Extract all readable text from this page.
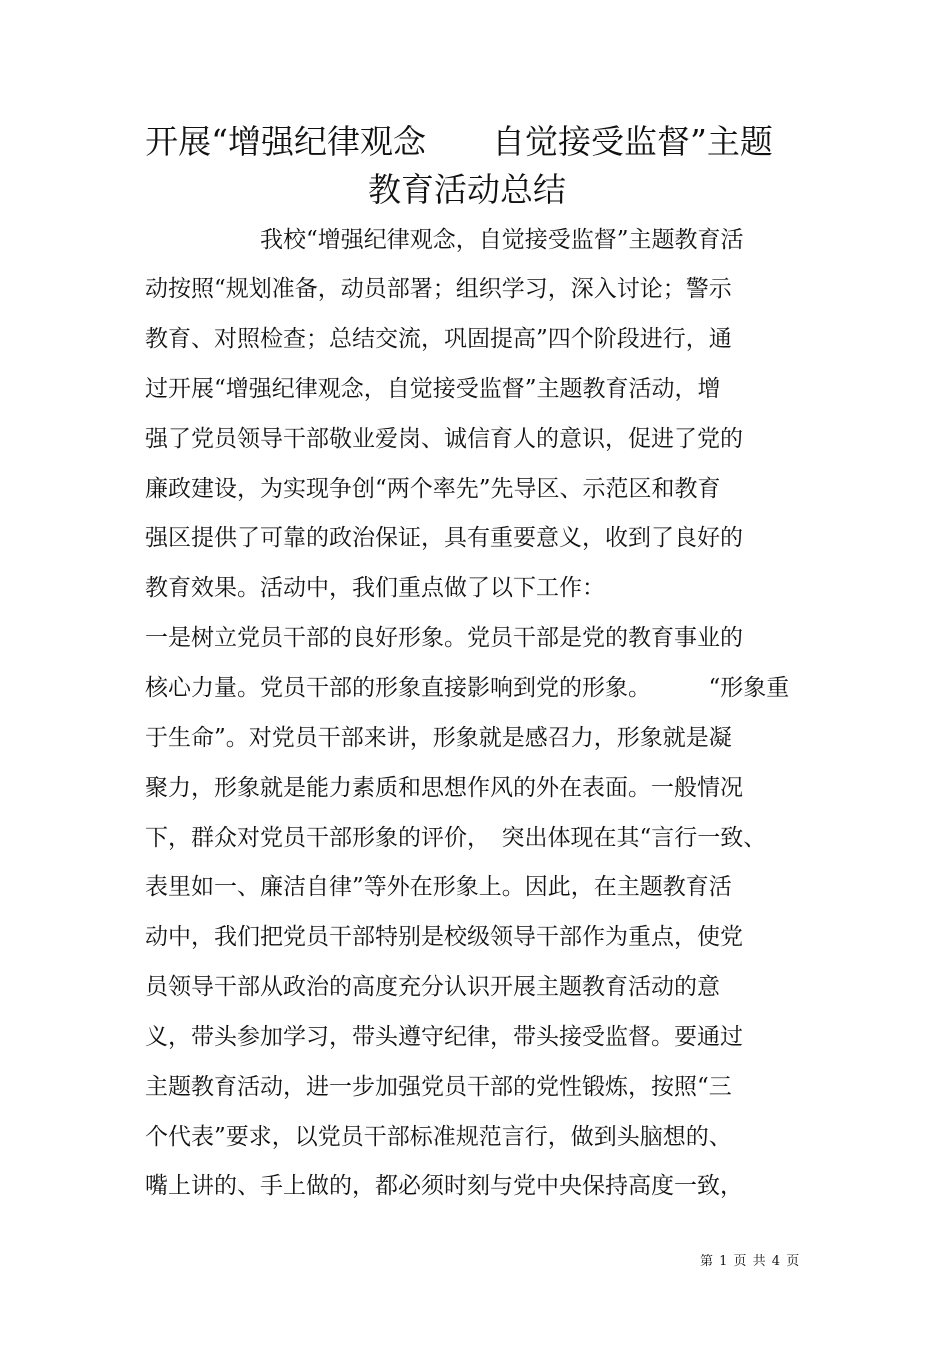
开展“增强纪律观念　　自觉接受监督”主题
教育活动总结

　　　　　我校“增强纪律观念，自觉接受监督”主题教育活

动按照“规划准备，动员部署；组织学习，深入讨论；警示

教育、对照检查；总结交流，巩固提高”四个阶段进行，通

过开展“增强纪律观念，自觉接受监督”主题教育活动，增

强了党员领导干部敬业爱岗、诚信育人的意识，促进了党的

廉政建设，为实现争创“两个率先”先导区、示范区和教育

强区提供了可靠的政治保证，具有重要意义，收到了良好的

教育效果。活动中，我们重点做了以下工作：

一是树立党员干部的良好形象。党员干部是党的教育事业的

核心力量。党员干部的形象直接影响到党的形象。　　　“形象重

于生命”。对党员干部来讲，形象就是感召力，形象就是凝

聚力，形象就是能力素质和思想作风的外在表面。一般情况

下，群众对党员干部形象的评价，　突出体现在其“言行一致、

表里如一、廉洁自律”等外在形象上。因此，在主题教育活

动中，我们把党员干部特别是校级领导干部作为重点，使党

员领导干部从政治的高度充分认识开展主题教育活动的意

义，带头参加学习，带头遵守纪律，带头接受监督。要通过

主题教育活动，进一步加强党员干部的党性锻炼，按照“三

个代表”要求，以党员干部标准规范言行，做到头脑想的、

嘴上讲的、手上做的，都必须时刻与党中央保持高度一致，

第 1 页 共 4 页
